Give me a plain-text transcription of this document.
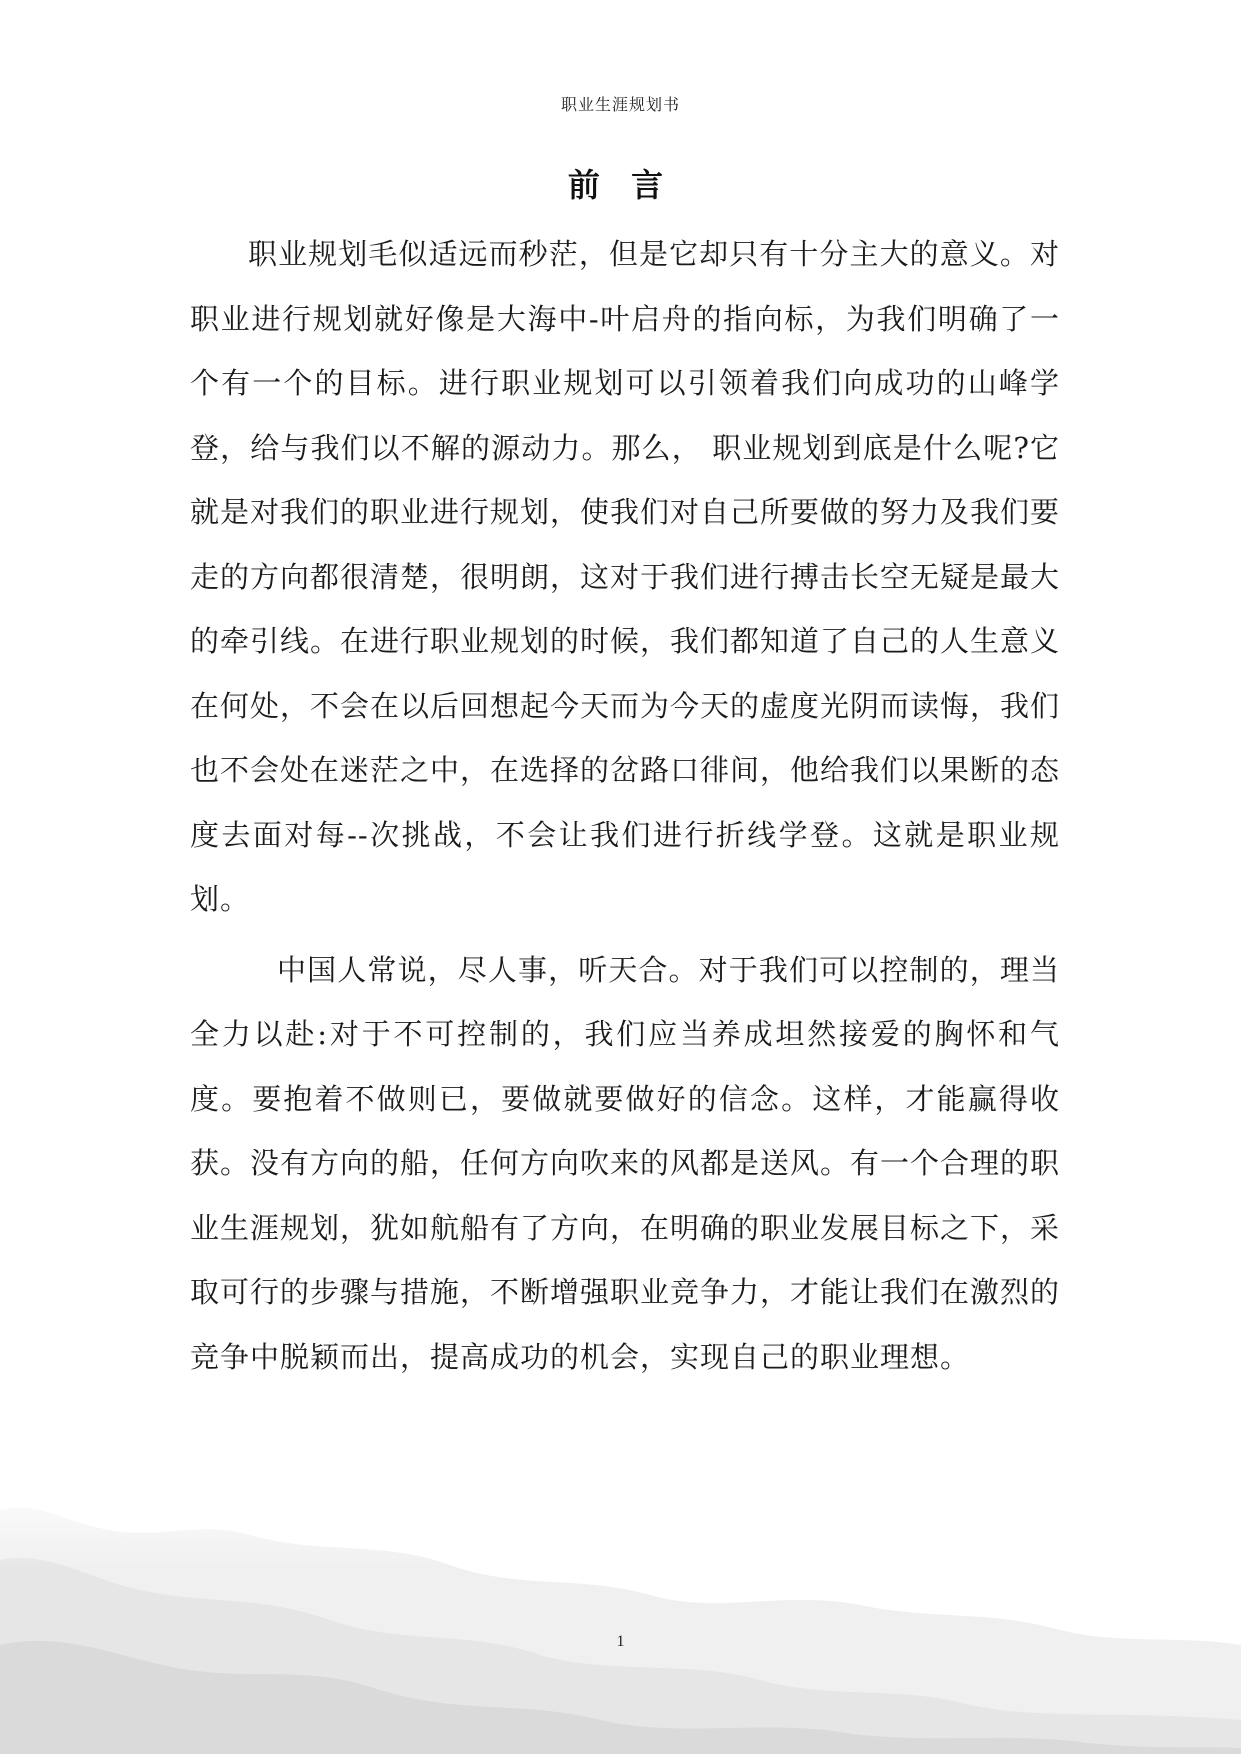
职业生涯规划书
前 言

职业规划毛似适远而秒茫，但是它却只有十分主大的意义。对职业进行规划就好像是大海中-叶启舟的指向标，为我们明确了一个有一个的目标。进行职业规划可以引领着我们向成功的山峰学登，给与我们以不解的源动力。那么， 职业规划到底是什么呢?它就是对我们的职业进行规划，使我们对自己所要做的努力及我们要走的方向都很清楚，很明朗，这对于我们进行搏击长空无疑是最大的牵引线。在进行职业规划的时候，我们都知道了自己的人生意义在何处，不会在以后回想起今天而为今天的虚度光阴而读悔，我们也不会处在迷茫之中，在选择的岔路口徘间，他给我们以果断的态度去面对每--次挑战，不会让我们进行折线学登。这就是职业规划。

中国人常说，尽人事，听天合。对于我们可以控制的，理当全力以赴:对于不可控制的，我们应当养成坦然接爱的胸怀和气度。要抱着不做则已，要做就要做好的信念。这样，才能赢得收获。没有方向的船，任何方向吹来的风都是送风。有一个合理的职业生涯规划，犹如航船有了方向，在明确的职业发展目标之下，采取可行的步骤与措施，不断增强职业竞争力，才能让我们在激烈的竞争中脱颖而出，提高成功的机会，实现自己的职业理想。

1
